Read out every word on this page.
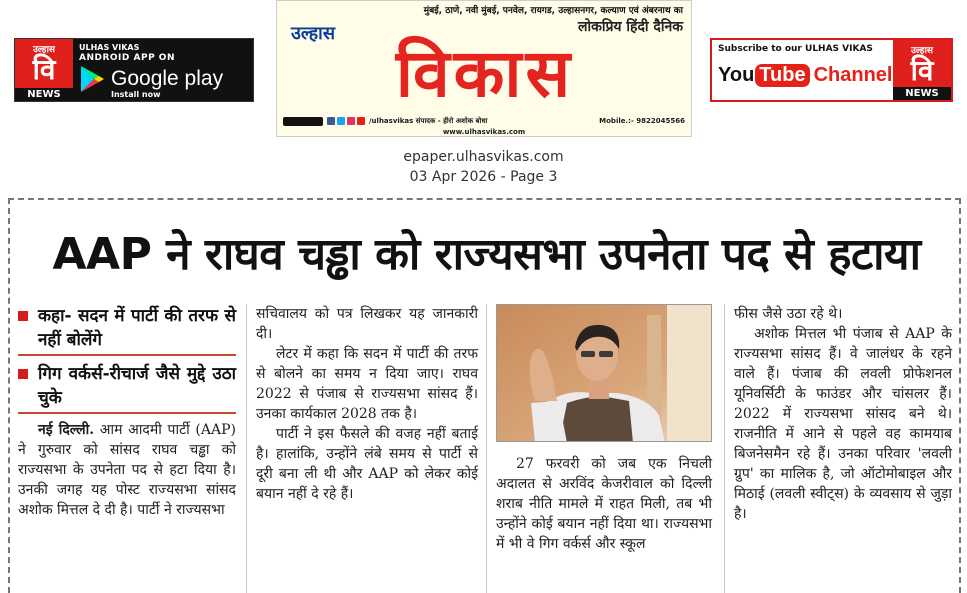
उल्हास
वि
NEWS
ULHAS VIKAS
ANDROID APP ON
Google play
Install now
मुंबई, ठाणे, नवी मुंबई, पनवेल, रायगड, उल्हासनगर, कल्याण एवं अंबरनाथ का
लोकप्रिय हिंदी दैनिक
उल्हास
विकास
/ulhasvikas संपादक - हीरो अशोक बोधा	Mobile.:- 9822045566
www.ulhasvikas.com
Subscribe to our ULHAS VIKAS
You Tube Channel
उल्हास
वि
NEWS
epaper.ulhasvikas.com
03 Apr 2026 - Page 3
AAP ने राघव चड्ढा को राज्यसभा उपनेता पद से हटाया
कहा- सदन में पार्टी की तरफ से नहीं बोलेंगे
गिग वर्कर्स-रीचार्ज जैसे मुद्दे उठा चुके

नई दिल्ली. आम आदमी पार्टी (AAP) ने गुरुवार को सांसद राघव चड्ढा को राज्यसभा के उपनेता पद से हटा दिया है। उनकी जगह यह पोस्ट राज्यसभा सांसद अशोक मित्तल दे दी है। पार्टी ने राज्यसभा

सचिवालय को पत्र लिखकर यह जानकारी दी।

लेटर में कहा कि सदन में पार्टी की तरफ से बोलने का समय न दिया जाए। राघव 2022 से पंजाब से राज्यसभा सांसद हैं। उनका कार्यकाल 2028 तक है।

पार्टी ने इस फैसले की वजह नहीं बताई है। हालांकि, उन्होंने लंबे समय से पार्टी से दूरी बना ली थी और AAP को लेकर कोई बयान नहीं दे रहे हैं।

27 फरवरी को जब एक निचली अदालत से अरविंद केजरीवाल को दिल्ली शराब नीति मामले में राहत मिली, तब भी उन्होंने कोई बयान नहीं दिया था। राज्यसभा में भी वे गिग वर्कर्स और स्कूल

फीस जैसे उठा रहे थे।

अशोक मित्तल भी पंजाब से AAP के राज्यसभा सांसद हैं। वे जालंधर के रहने वाले हैं। पंजाब की लवली प्रोफेशनल यूनिवर्सिटी के फाउंडर और चांसलर हैं। 2022 में राज्यसभा सांसद बने थे। राजनीति में आने से पहले वह कामयाब बिजनेसमैन रहे हैं। उनका परिवार 'लवली ग्रुप' का मालिक है, जो ऑटोमोबाइल और मिठाई (लवली स्वीट्स) के व्यवसाय से जुड़ा है।
